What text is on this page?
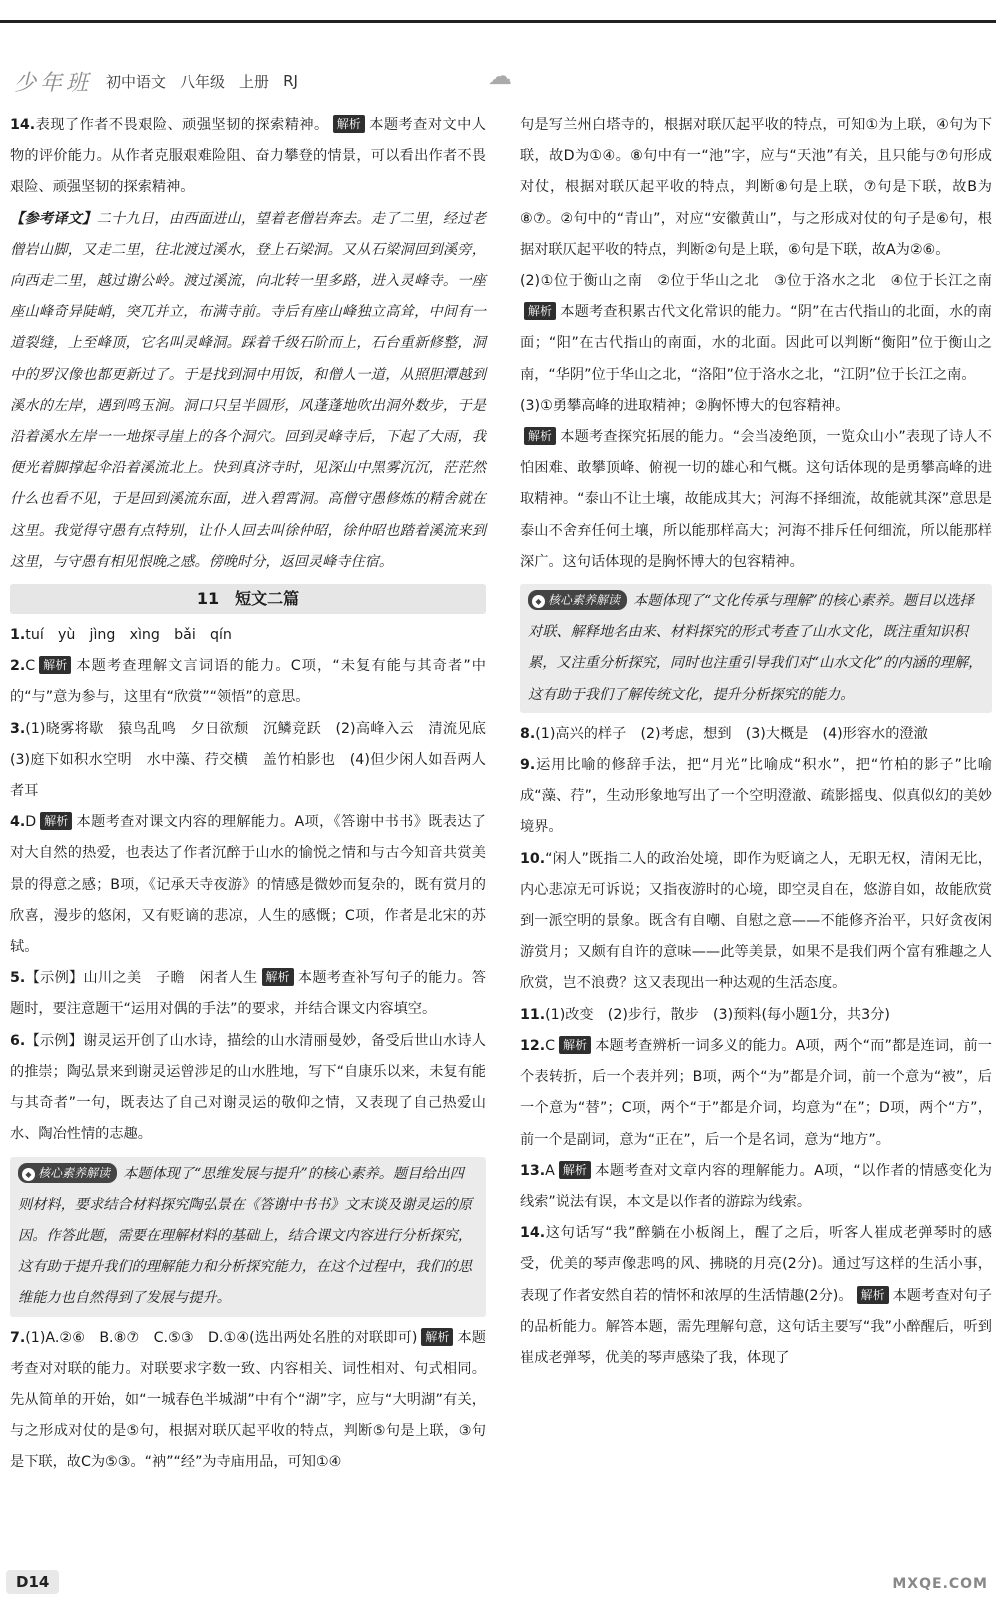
少年班 初中语文 八年级 上册 RJ	☁

14.表现了作者不畏艰险、顽强坚韧的探索精神。 解析 本题考查对文中人物的评价能力。从作者克服艰难险阻、奋力攀登的情景，可以看出作者不畏艰险、顽强坚韧的探索精神。

【参考译文】二十九日，由西面进山，望着老僧岩奔去。走了二里，经过老僧岩山脚，又走二里，往北渡过溪水，登上石梁洞。又从石梁洞回到溪旁，向西走二里，越过谢公岭。渡过溪流，向北转一里多路，进入灵峰寺。一座座山峰奇异陡峭，突兀并立，布满寺前。寺后有座山峰独立高耸，中间有一道裂缝，上至峰顶，它名叫灵峰洞。踩着千级石阶而上，石台重新修整，洞中的罗汉像也都更新过了。于是找到洞中用饭，和僧人一道，从照胆潭越到溪水的左岸，遇到鸣玉涧。洞口只呈半圆形，风蓬蓬地吹出洞外数步，于是沿着溪水左岸一一地探寻崖上的各个洞穴。回到灵峰寺后，下起了大雨，我便光着脚撑起伞沿着溪流北上。快到真济寺时，见深山中黑雾沉沉，茫茫然什么也看不见，于是回到溪流东面，进入碧霄洞。高僧守愚修炼的精舍就在这里。我觉得守愚有点特别，让仆人回去叫徐仲昭，徐仲昭也踏着溪流来到这里，与守愚有相见恨晚之感。傍晚时分，返回灵峰寺住宿。

11　短文二篇

1.tuí　yù　jìng　xìng　bǎi　qín

2.C 解析 本题考查理解文言词语的能力。C项，“未复有能与其奇者”中的“与”意为参与，这里有“欣赏”“领悟”的意思。

3.(1)晓雾将歇　猿鸟乱鸣　夕日欲颓　沉鳞竞跃　(2)高峰入云　清流见底　(3)庭下如积水空明　水中藻、荇交横　盖竹柏影也　(4)但少闲人如吾两人者耳

4.D 解析 本题考查对课文内容的理解能力。A项，《答谢中书书》既表达了对大自然的热爱，也表达了作者沉醉于山水的愉悦之情和与古今知音共赏美景的得意之感；B项，《记承天寺夜游》的情感是微妙而复杂的，既有赏月的欣喜，漫步的悠闲，又有贬谪的悲凉，人生的感慨；C项，作者是北宋的苏轼。

5.【示例】山川之美　子瞻　闲者人生 解析 本题考查补写句子的能力。答题时，要注意题干“运用对偶的手法”的要求，并结合课文内容填空。

6.【示例】谢灵运开创了山水诗，描绘的山水清丽曼妙，备受后世山水诗人的推崇；陶弘景来到谢灵运曾涉足的山水胜地，写下“自康乐以来，未复有能与其奇者”一句，既表达了自己对谢灵运的敬仰之情，又表现了自己热爱山水、陶冶性情的志趣。

◆ 核心素养解读 本题体现了“思维发展与提升”的核心素养。题目给出四则材料，要求结合材料探究陶弘景在《答谢中书书》文末谈及谢灵运的原因。作答此题，需要在理解材料的基础上，结合课文内容进行分析探究，这有助于提升我们的理解能力和分析探究能力，在这个过程中，我们的思维能力也自然得到了发展与提升。

7.(1)A.②⑥　B.⑧⑦　C.⑤③　D.①④(选出两处名胜的对联即可) 解析 本题考查对对联的能力。对联要求字数一致、内容相关、词性相对、句式相同。先从简单的开始，如“一城春色半城湖”中有个“湖”字，应与“大明湖”有关，与之形成对仗的是⑤句，根据对联仄起平收的特点，判断⑤句是上联，③句是下联，故C为⑤③。“衲”“经”为寺庙用品，可知①④

句是写兰州白塔寺的，根据对联仄起平收的特点，可知①为上联，④句为下联，故D为①④。⑧句中有一“池”字，应与“天池”有关，且只能与⑦句形成对仗，根据对联仄起平收的特点，判断⑧句是上联，⑦句是下联，故B为⑧⑦。②句中的“青山”，对应“安徽黄山”，与之形成对仗的句子是⑥句，根据对联仄起平收的特点，判断②句是上联，⑥句是下联，故A为②⑥。

(2)①位于衡山之南　②位于华山之北　③位于洛水之北　④位于长江之南解析 本题考查积累古代文化常识的能力。“阴”在古代指山的北面，水的南面；“阳”在古代指山的南面，水的北面。因此可以判断“衡阳”位于衡山之南，“华阴”位于华山之北，“洛阳”位于洛水之北，“江阴”位于长江之南。

(3)①勇攀高峰的进取精神；②胸怀博大的包容精神。

解析 本题考查探究拓展的能力。“会当凌绝顶，一览众山小”表现了诗人不怕困难、敢攀顶峰、俯视一切的雄心和气概。这句话体现的是勇攀高峰的进取精神。“泰山不让土壤，故能成其大；河海不择细流，故能就其深”意思是泰山不舍弃任何土壤，所以能那样高大；河海不排斥任何细流，所以能那样深广。这句话体现的是胸怀博大的包容精神。

◆ 核心素养解读 本题体现了“文化传承与理解”的核心素养。题目以选择对联、解释地名由来、材料探究的形式考查了山水文化，既注重知识积累，又注重分析探究，同时也注重引导我们对“山水文化”的内涵的理解，这有助于我们了解传统文化，提升分析探究的能力。

8.(1)高兴的样子　(2)考虑，想到　(3)大概是　(4)形容水的澄澈

9.运用比喻的修辞手法，把“月光”比喻成“积水”，把“竹柏的影子”比喻成“藻、荇”，生动形象地写出了一个空明澄澈、疏影摇曳、似真似幻的美妙境界。

10.“闲人”既指二人的政治处境，即作为贬谪之人，无职无权，清闲无比，内心悲凉无可诉说；又指夜游时的心境，即空灵自在，悠游自如，故能欣赏到一派空明的景象。既含有自嘲、自慰之意——不能修齐治平，只好贪夜闲游赏月；又颇有自许的意味——此等美景，如果不是我们两个富有雅趣之人欣赏，岂不浪费？这又表现出一种达观的生活态度。

11.(1)改变　(2)步行，散步　(3)预料(每小题1分，共3分)

12.C 解析 本题考查辨析一词多义的能力。A项，两个“而”都是连词，前一个表转折，后一个表并列；B项，两个“为”都是介词，前一个意为“被”，后一个意为“替”；C项，两个“于”都是介词，均意为“在”；D项，两个“方”，前一个是副词，意为“正在”，后一个是名词，意为“地方”。

13.A 解析 本题考查对文章内容的理解能力。A项，“以作者的情感变化为线索”说法有误，本文是以作者的游踪为线索。

14.这句话写“我”醉躺在小板阁上，醒了之后，听客人崔成老弹琴时的感受，优美的琴声像悲鸣的风、拂晓的月亮(2分)。通过写这样的生活小事，表现了作者安然自若的情怀和浓厚的生活情趣(2分)。 解析 本题考查对句子的品析能力。解答本题，需先理解句意，这句话主要写“我”小醉醒后，听到崔成老弹琴，优美的琴声感染了我，体现了

D14	MXQE.COM
